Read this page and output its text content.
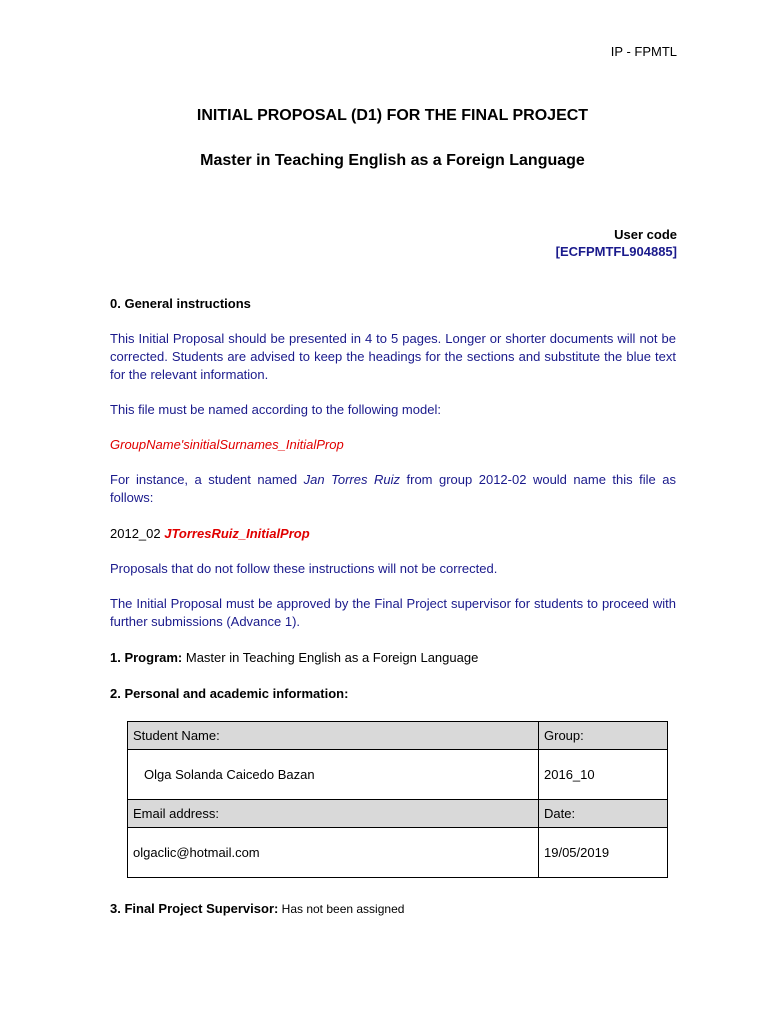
IP - FPMTL
INITIAL PROPOSAL (D1) FOR THE FINAL PROJECT
Master in Teaching English as a Foreign Language
User code
[ECFPMTFL904885]
0. General instructions
This Initial Proposal should be presented in 4 to 5 pages. Longer or shorter documents will not be corrected. Students are advised to keep the headings for the sections and substitute the blue text for the relevant information.
This file must be named according to the following model:
GroupName'sinitialSurnames_InitialProp
For instance, a student named Jan Torres Ruiz from group 2012-02 would name this file as follows:
2012_02 JTorresRuiz_InitialProp
Proposals that do not follow these instructions will not be corrected.
The Initial Proposal must be approved by the Final Project supervisor for students to proceed with further submissions (Advance 1).
1. Program: Master in Teaching English as a Foreign Language
2. Personal and academic information:
Student Name:	Group:
Olga Solanda Caicedo Bazan	2016_10
Email address:	Date:
olgaclic@hotmail.com	19/05/2019
3. Final Project Supervisor: Has not been assigned
